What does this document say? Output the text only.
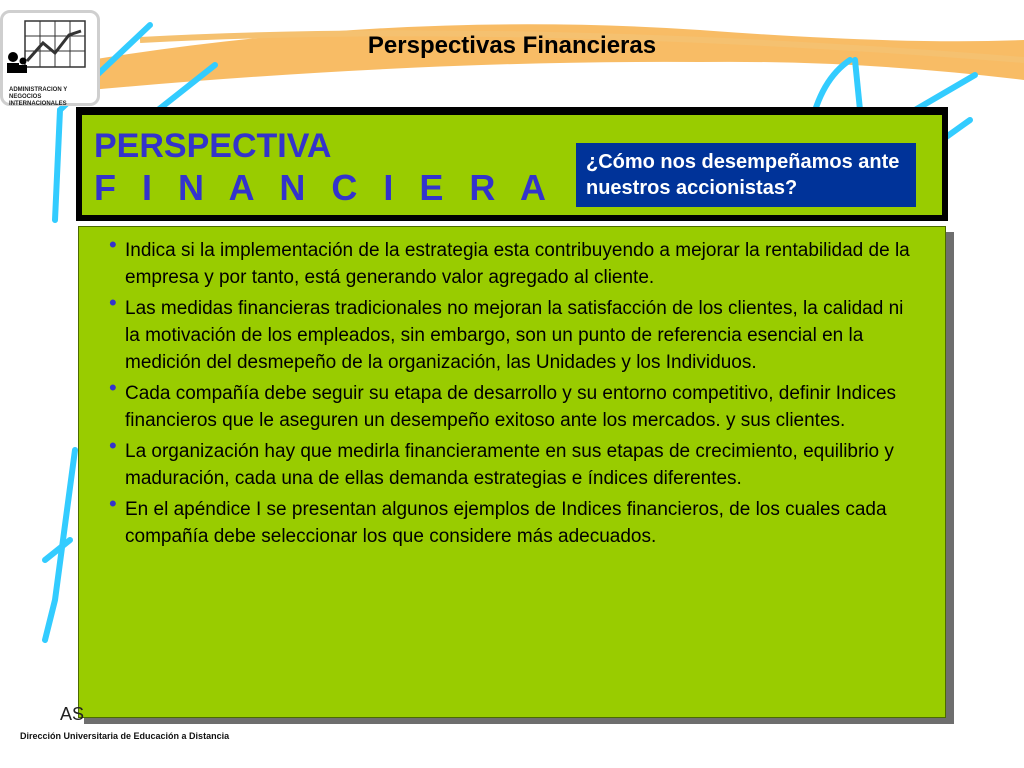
ADMINISTRACION Y NEGOCIOS INTERNACIONALES
Perspectivas Financieras
PERSPECTIVA
F I N A N C I E R A
¿Cómo nos desempeñamos ante nuestros accionistas?
• Indica si la implementación de la estrategia esta contribuyendo a mejorar la rentabilidad de la empresa y por tanto, está generando valor agregado al cliente.
• Las medidas financieras tradicionales no mejoran la satisfacción de los clientes, la calidad ni la motivación de los empleados, sin embargo, son un punto de referencia esencial en la medición del desmepeño de la organización, las Unidades y los Individuos.
• Cada compañía debe seguir su etapa de desarrollo y su entorno competitivo, definir Indices financieros que le aseguren un desempeño exitoso ante los mercados. y sus clientes.
• La organización hay que medirla financieramente en sus etapas de crecimiento, equilibrio y maduración, cada una de ellas demanda estrategias e índices diferentes.
• En el apéndice I se presentan algunos ejemplos de Indices financieros, de los cuales cada compañía debe seleccionar los que considere más adecuados.
AS
Dirección Universitaria de Educación a Distancia
